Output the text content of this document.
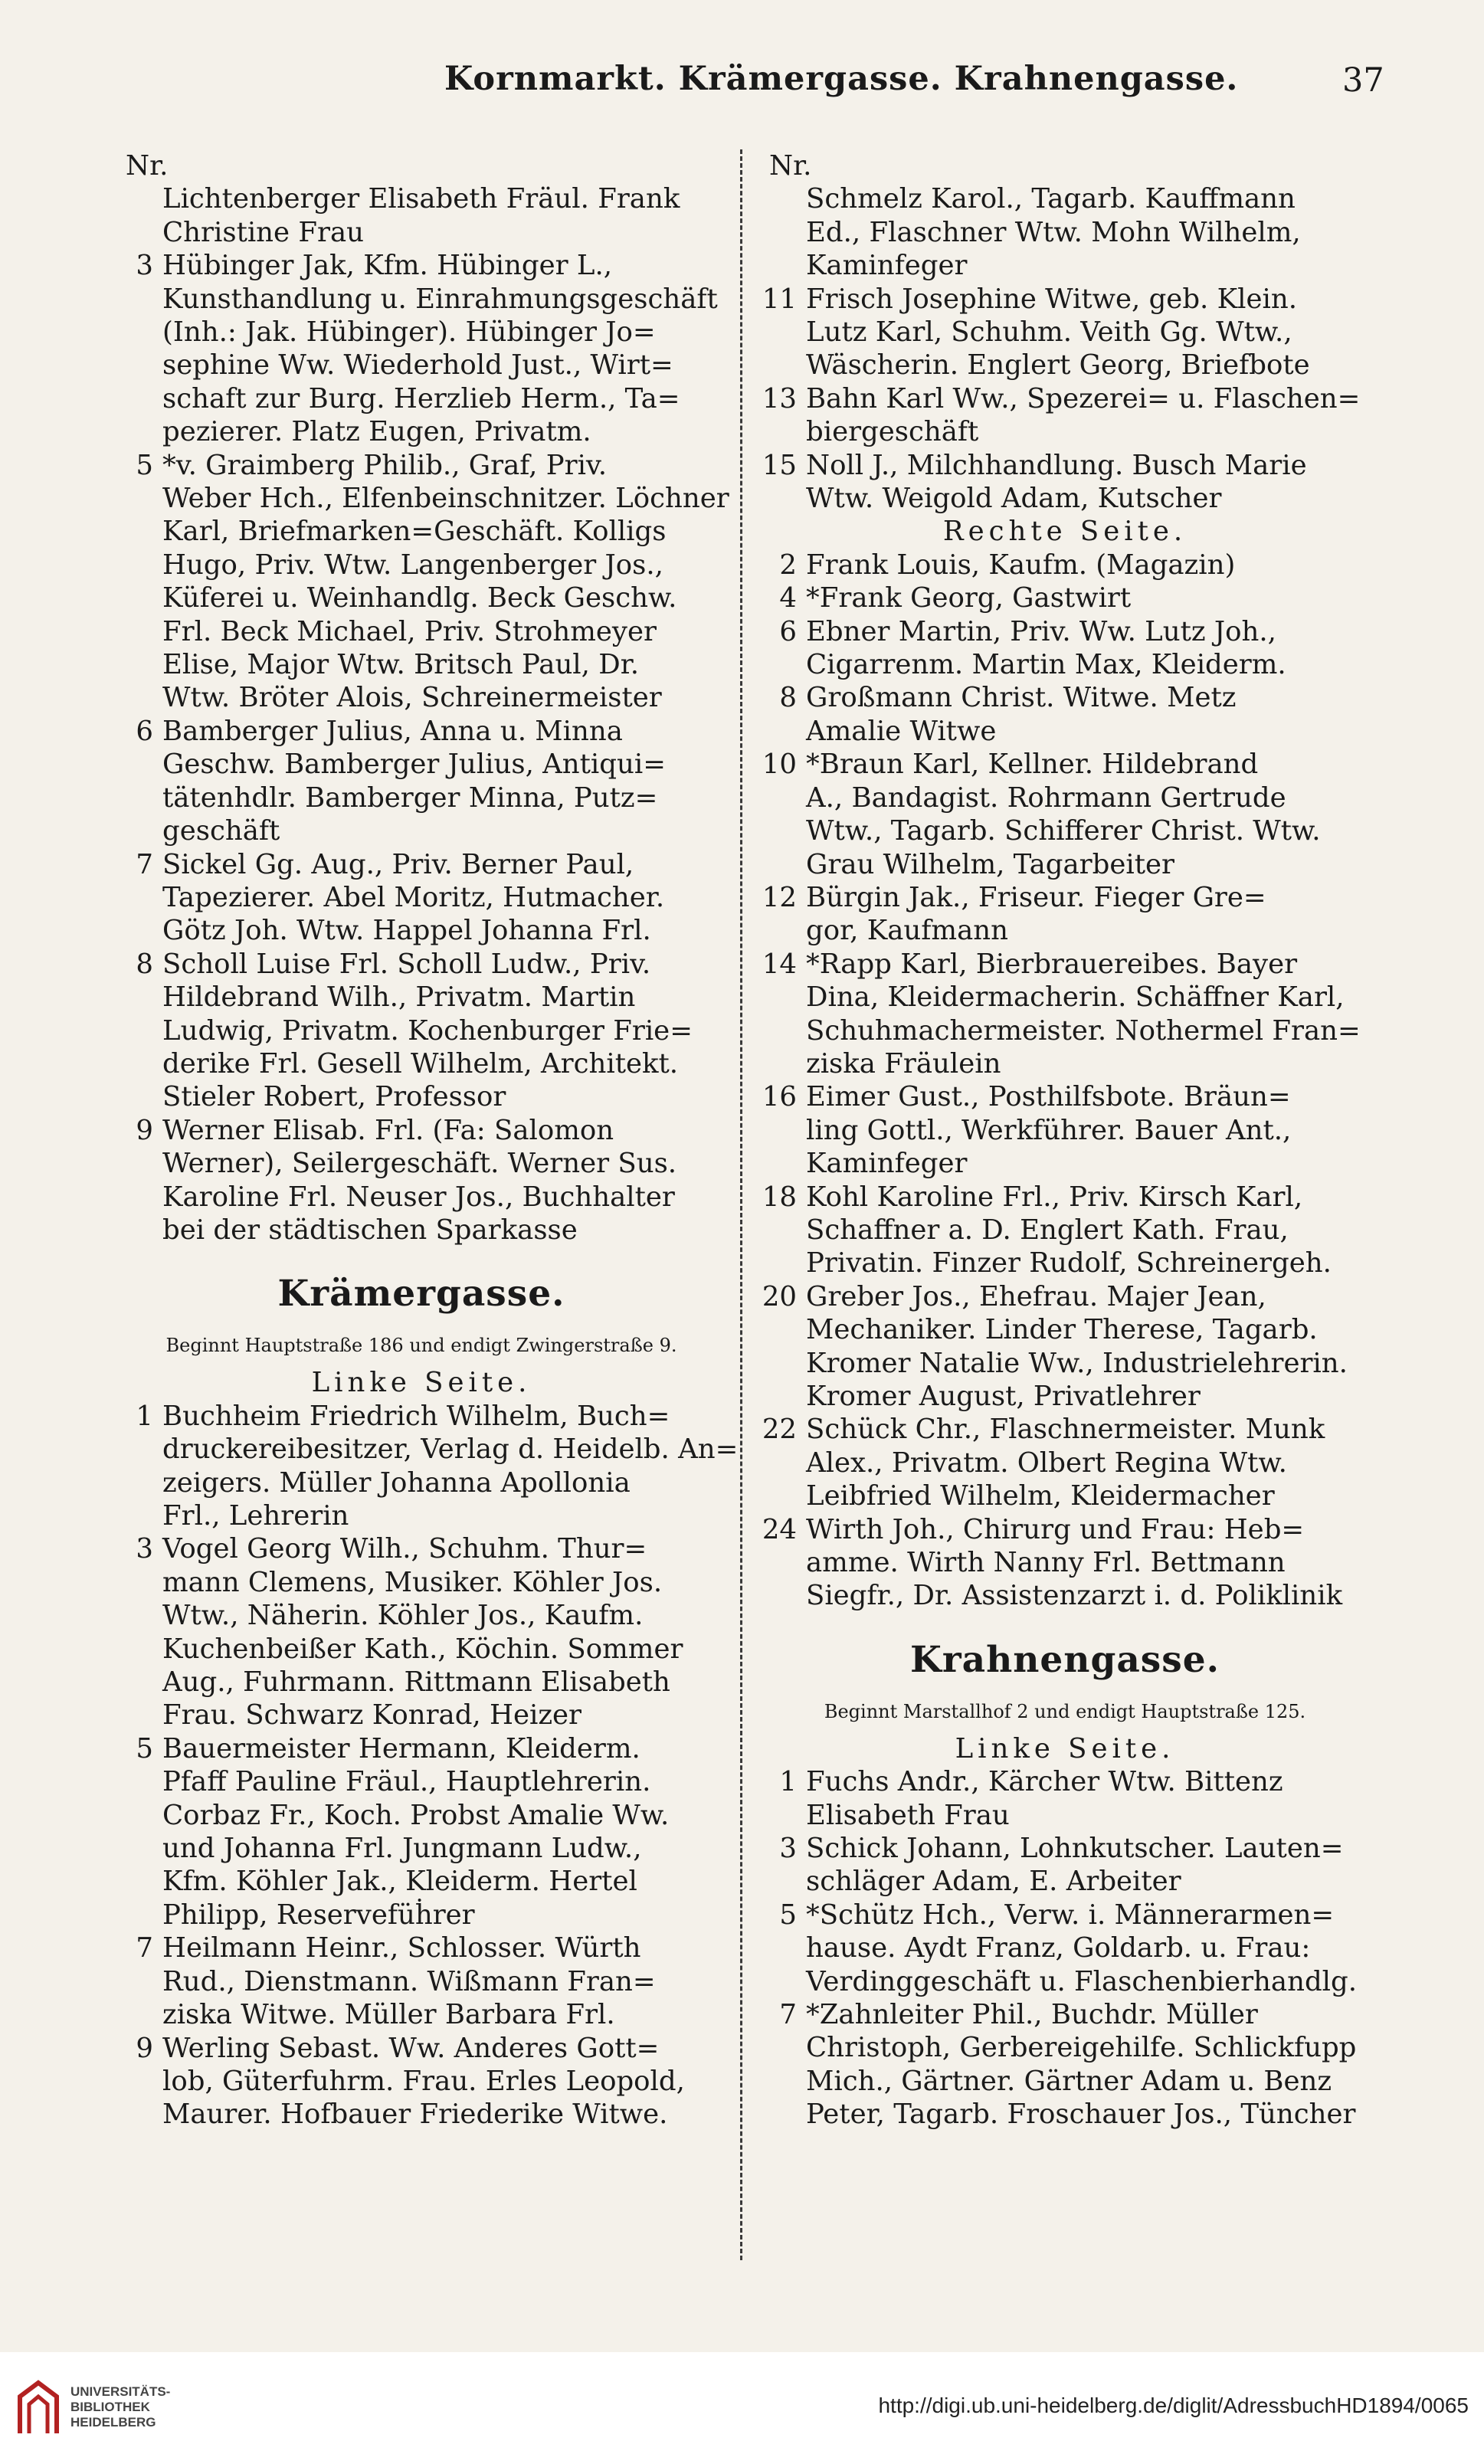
Kornmarkt. Krämergasse. Krahnengasse.	37
Nr.

Lichtenberger Elisabeth Fräul. Frank

Christine Frau

3 Hübinger Jak, Kfm. Hübinger L.,

Kunsthandlung u. Einrahmungsgeschäft

(Inh.: Jak. Hübinger). Hübinger Jo=

sephine Ww. Wiederhold Just., Wirt=

schaft zur Burg. Herzlieb Herm., Ta=

pezierer. Platz Eugen, Privatm.

5 *v. Graimberg Philib., Graf, Priv.

Weber Hch., Elfenbeinschnitzer. Löchner

Karl, Briefmarken=Geschäft. Kolligs

Hugo, Priv. Wtw. Langenberger Jos.,

Küferei u. Weinhandlg. Beck Geschw.

Frl. Beck Michael, Priv. Strohmeyer

Elise, Major Wtw. Britsch Paul, Dr.

Wtw. Bröter Alois, Schreinermeister

6 Bamberger Julius, Anna u. Minna

Geschw. Bamberger Julius, Antiqui=

tätenhdlr. Bamberger Minna, Putz=

geschäft

7 Sickel Gg. Aug., Priv. Berner Paul,

Tapezierer. Abel Moritz, Hutmacher.

Götz Joh. Wtw. Happel Johanna Frl.

8 Scholl Luise Frl. Scholl Ludw., Priv.

Hildebrand Wilh., Privatm. Martin

Ludwig, Privatm. Kochenburger Frie=

derike Frl. Gesell Wilhelm, Architekt.

Stieler Robert, Professor

9 Werner Elisab. Frl. (Fa: Salomon

Werner), Seilergeschäft. Werner Sus.

Karoline Frl. Neuser Jos., Buchhalter

bei der städtischen Sparkasse

Krämergasse.
Beginnt Hauptstraße 186 und endigt Zwingerstraße 9.
Linke Seite.
1 Buchheim Friedrich Wilhelm, Buch=

druckereibesitzer, Verlag d. Heidelb. An=

zeigers. Müller Johanna Apollonia

Frl., Lehrerin

3 Vogel Georg Wilh., Schuhm. Thur=

mann Clemens, Musiker. Köhler Jos.

Wtw., Näherin. Köhler Jos., Kaufm.

Kuchenbeißer Kath., Köchin. Sommer

Aug., Fuhrmann. Rittmann Elisabeth

Frau. Schwarz Konrad, Heizer

5 Bauermeister Hermann, Kleiderm.

Pfaff Pauline Fräul., Hauptlehrerin.

Corbaz Fr., Koch. Probst Amalie Ww.

und Johanna Frl. Jungmann Ludw.,

Kfm. Köhler Jak., Kleiderm. Hertel

Philipp, Reservefüḣrer

7 Heilmann Heinr., Schlosser. Würth

Rud., Dienstmann. Wißmann Fran=

ziska Witwe. Müller Barbara Frl.

9 Werling Sebast. Ww. Anderes Gott=

lob, Güterfuhrm. Frau. Erles Leopold,

Maurer. Hofbauer Friederike Witwe.

Nr.

Schmelz Karol., Tagarb. Kauffmann

Ed., Flaschner Wtw. Mohn Wilhelm,

Kaminfeger

11 Frisch Josephine Witwe, geb. Klein.

Lutz Karl, Schuhm. Veith Gg. Wtw.,

Wäscherin. Englert Georg, Briefbote

13 Bahn Karl Ww., Spezerei= u. Flaschen=

biergeschäft

15 Noll J., Milchhandlung. Busch Marie

Wtw. Weigold Adam, Kutscher

Rechte Seite.
2 Frank Louis, Kaufm. (Magazin)

4 *Frank Georg, Gastwirt

6 Ebner Martin, Priv. Ww. Lutz Joh.,

Cigarrenm. Martin Max, Kleiderm.

8 Großmann Christ. Witwe. Metz

Amalie Witwe

10 *Braun Karl, Kellner. Hildebrand

A., Bandagist. Rohrmann Gertrude

Wtw., Tagarb. Schifferer Christ. Wtw.

Grau Wilhelm, Tagarbeiter

12 Bürgin Jak., Friseur. Fieger Gre=

gor, Kaufmann

14 *Rapp Karl, Bierbrauereibes. Bayer

Dina, Kleidermacherin. Schäffner Karl,

Schuhmachermeister. Nothermel Fran=

ziska Fräulein

16 Eimer Gust., Posthilfsbote. Bräun=

ling Gottl., Werkführer. Bauer Ant.,

Kaminfeger

18 Kohl Karoline Frl., Priv. Kirsch Karl,

Schaffner a. D. Englert Kath. Frau,

Privatin. Finzer Rudolf, Schreinergeh.

20 Greber Jos., Ehefrau. Majer Jean,

Mechaniker. Linder Therese, Tagarb.

Kromer Natalie Ww., Industrielehrerin.

Kromer August, Privatlehrer

22 Schück Chr., Flaschnermeister. Munk

Alex., Privatm. Olbert Regina Wtw.

Leibfried Wilhelm, Kleidermacher

24 Wirth Joh., Chirurg und Frau: Heb=

amme. Wirth Nanny Frl. Bettmann

Siegfr., Dr. Assistenzarzt i. d. Poliklinik

Krahnengasse.
Beginnt Marstallhof 2 und endigt Hauptstraße 125.
Linke Seite.
1 Fuchs Andr., Kärcher Wtw. Bittenz

Elisabeth Frau

3 Schick Johann, Lohnkutscher. Lauten=

schläger Adam, E. Arbeiter

5 *Schütz Hch., Verw. i. Männerarmen=

hause. Aydt Franz, Goldarb. u. Frau:

Verdinggeschäft u. Flaschenbierhandlg.

7 *Zahnleiter Phil., Buchdr. Müller

Christoph, Gerbereigehilfe. Schlickfupp

Mich., Gärtner. Gärtner Adam u. Benz

Peter, Tagarb. Froschauer Jos., Tüncher

UNIVERSITÄTS-
BIBLIOTHEK
HEIDELBERG
http://digi.ub.uni-heidelberg.de/diglit/AdressbuchHD1894/0065
